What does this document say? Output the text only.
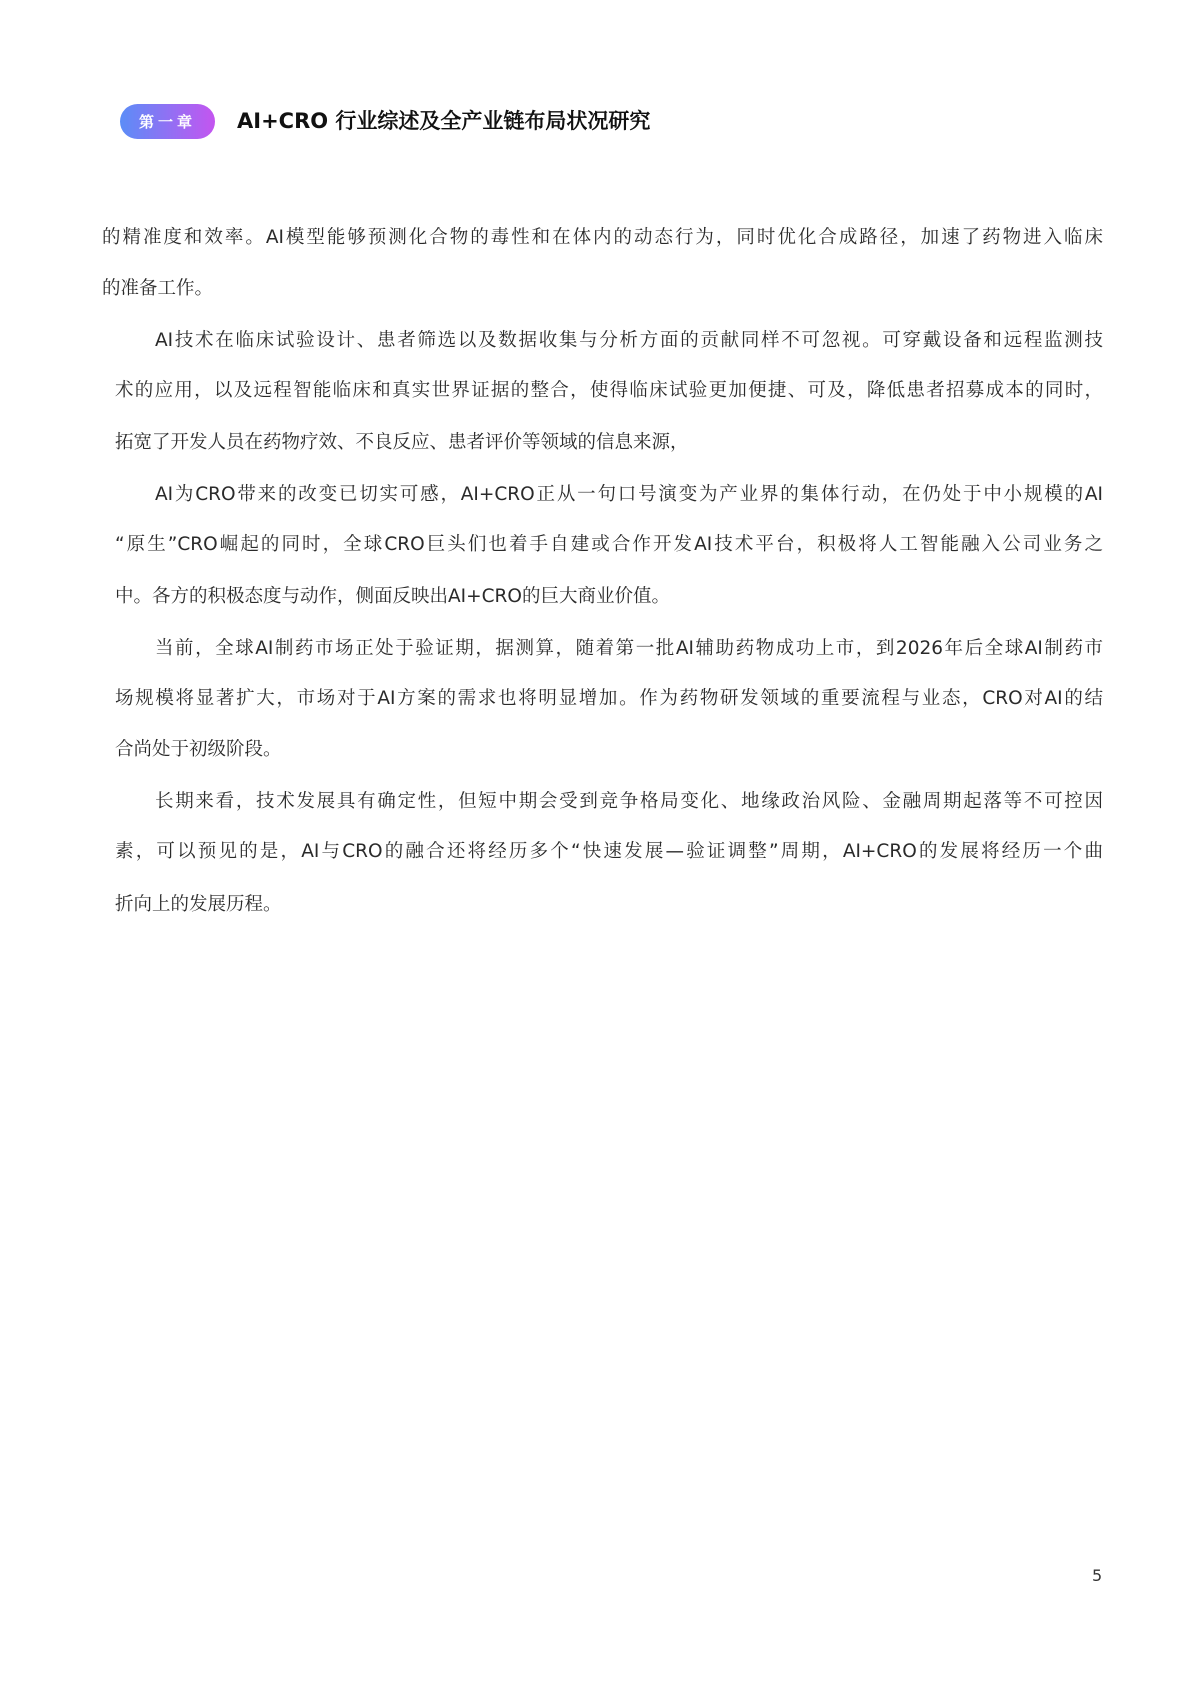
第一章 AI+CRO 行业综述及全产业链布局状况研究
的精准度和效率。AI模型能够预测化合物的毒性和在体内的动态行为，同时优化合成路径，加速了药物进入临床
的准备工作。
AI技术在临床试验设计、患者筛选以及数据收集与分析方面的贡献同样不可忽视。可穿戴设备和远程监测技
术的应用，以及远程智能临床和真实世界证据的整合，使得临床试验更加便捷、可及，降低患者招募成本的同时，
拓宽了开发人员在药物疗效、不良反应、患者评价等领域的信息来源，
AI为CRO带来的改变已切实可感，AI+CRO正从一句口号演变为产业界的集体行动，在仍处于中小规模的AI
“原生”CRO崛起的同时，全球CRO巨头们也着手自建或合作开发AI技术平台，积极将人工智能融入公司业务之
中。各方的积极态度与动作，侧面反映出AI+CRO的巨大商业价值。
当前，全球AI制药市场正处于验证期，据测算，随着第一批AI辅助药物成功上市，到2026年后全球AI制药市
场规模将显著扩大，市场对于AI方案的需求也将明显增加。作为药物研发领域的重要流程与业态，CRO对AI的结
合尚处于初级阶段。
长期来看，技术发展具有确定性，但短中期会受到竞争格局变化、地缘政治风险、金融周期起落等不可控因
素，可以预见的是，AI与CRO的融合还将经历多个“快速发展—验证调整”周期，AI+CRO的发展将经历一个曲
折向上的发展历程。
5
